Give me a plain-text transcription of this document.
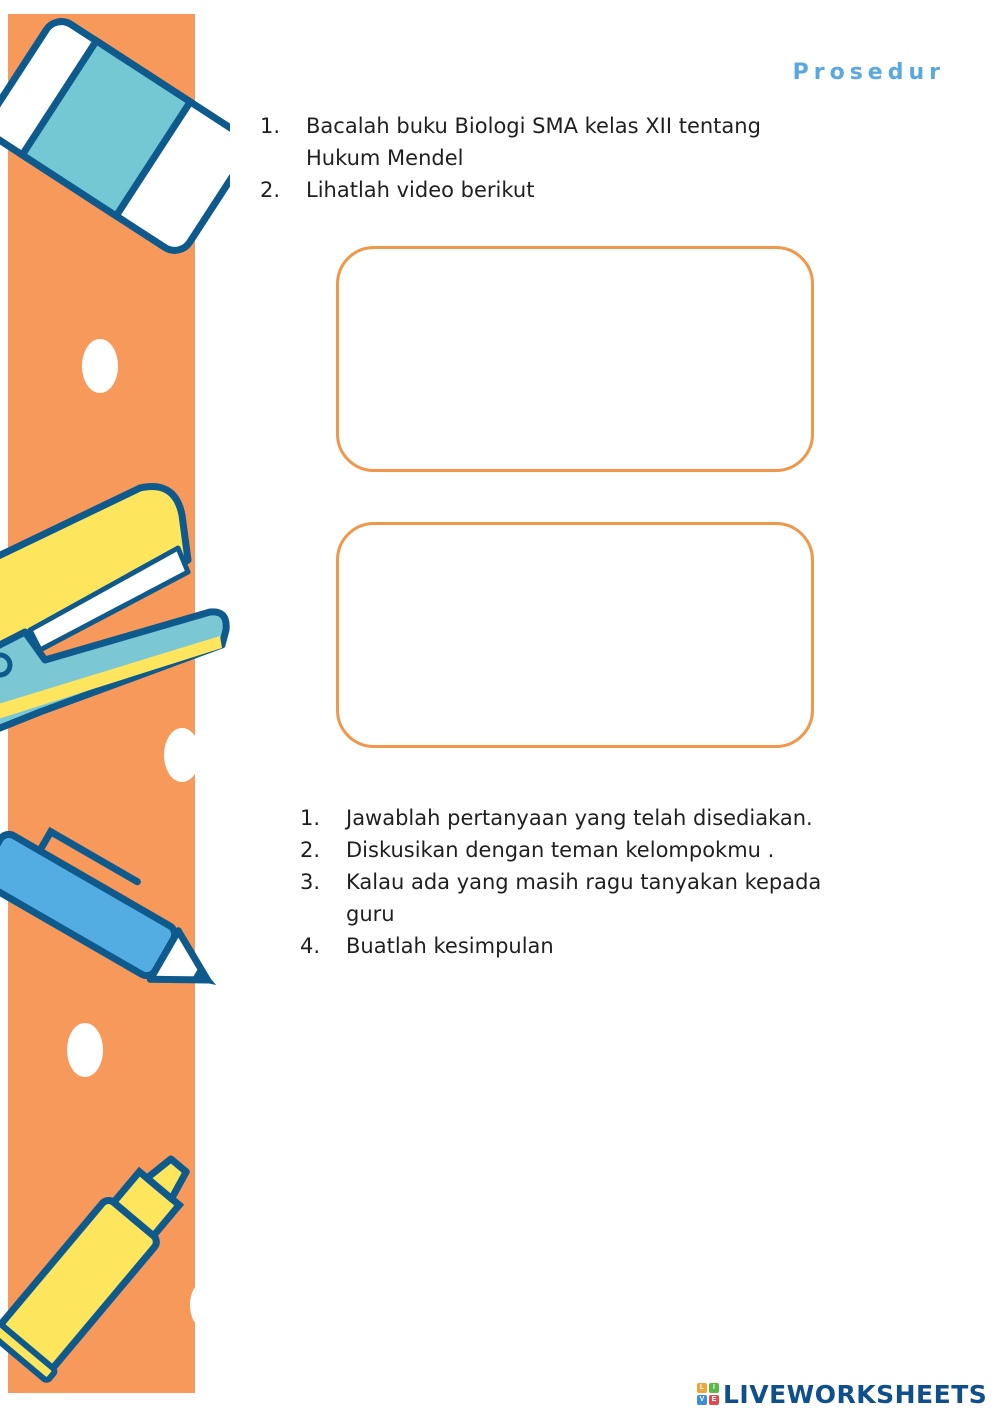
Prosedur
1. Bacalah buku Biologi SMA kelas XII tentang Hukum Mendel
2. Lihatlah video berikut
1. Jawablah pertanyaan yang telah disediakan.
2. Diskusikan dengan teman kelompokmu .
3. Kalau ada yang masih ragu tanyakan kepada guru
4. Buatlah kesimpulan
L	I
V	E LIVEWORKSHEETS
